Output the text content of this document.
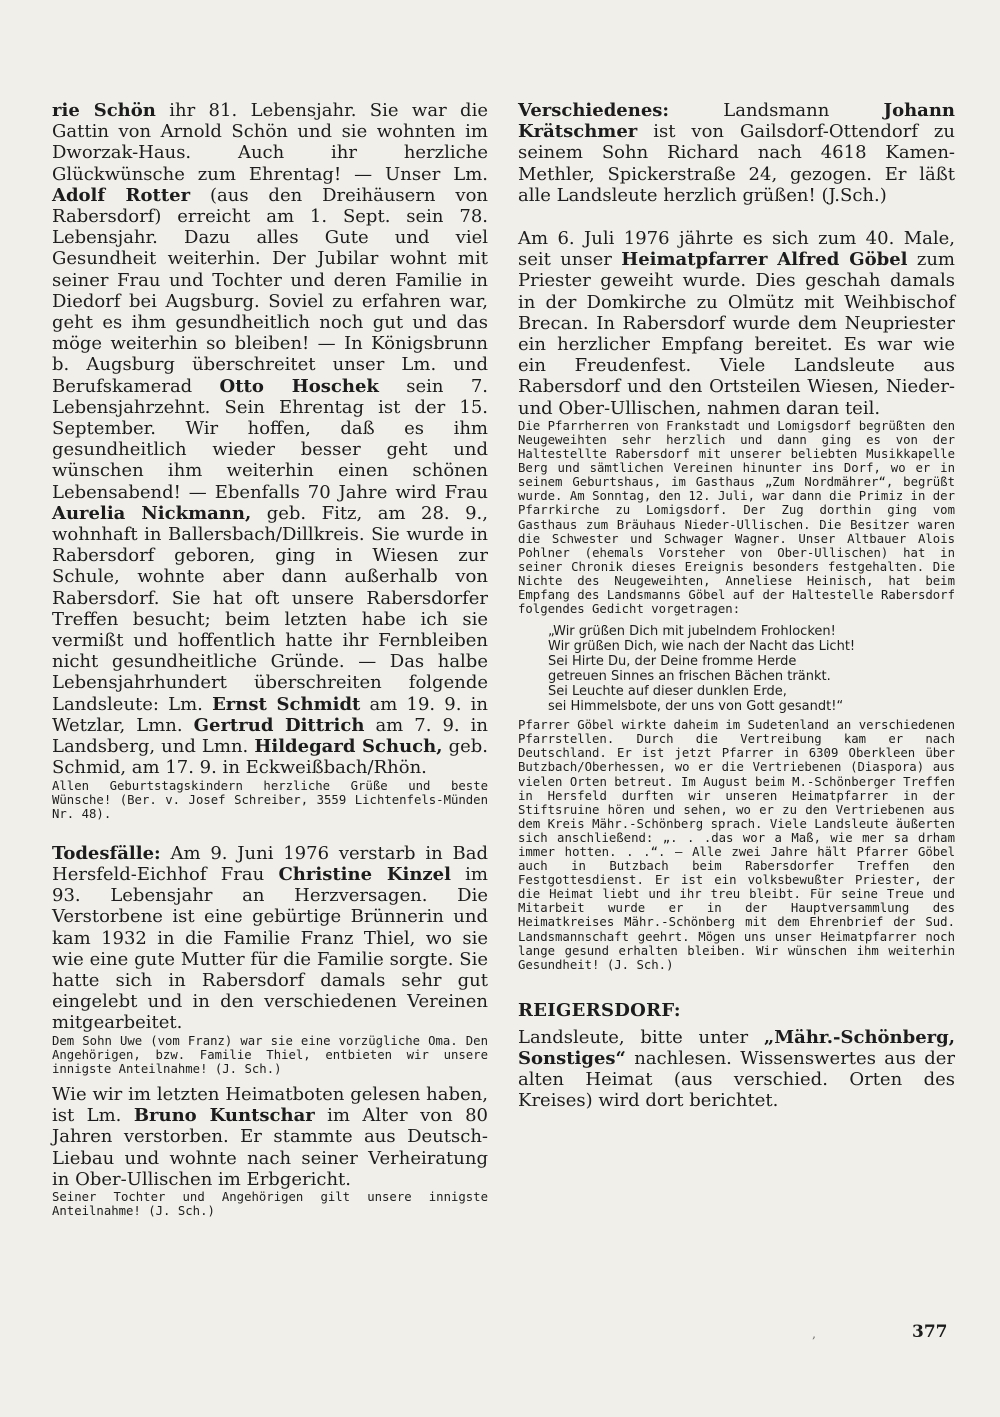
rie Schön ihr 81. Lebensjahr. Sie war die Gattin von Arnold Schön und sie wohnten im Dworzak-Haus. Auch ihr herzliche Glückwünsche zum Ehrentag! — Unser Lm. Adolf Rotter (aus den Dreihäusern von Rabersdorf) erreicht am 1. Sept. sein 78. Lebensjahr. Dazu alles Gute und viel Gesundheit weiterhin. Der Jubilar wohnt mit seiner Frau und Tochter und deren Familie in Diedorf bei Augsburg. Soviel zu erfahren war, geht es ihm gesundheitlich noch gut und das möge weiterhin so bleiben! — In Königsbrunn b. Augsburg überschreitet unser Lm. und Berufskamerad Otto Hoschek sein 7. Lebensjahrzehnt. Sein Ehrentag ist der 15. September. Wir hoffen, daß es ihm gesundheitlich wieder besser geht und wünschen ihm weiterhin einen schönen Lebensabend! — Ebenfalls 70 Jahre wird Frau Aurelia Nickmann, geb. Fitz, am 28. 9., wohnhaft in Ballersbach/Dillkreis. Sie wurde in Rabersdorf geboren, ging in Wiesen zur Schule, wohnte aber dann außerhalb von Rabersdorf. Sie hat oft unsere Rabersdorfer Treffen besucht; beim letzten habe ich sie vermißt und hoffentlich hatte ihr Fernbleiben nicht gesundheitliche Gründe. — Das halbe Lebensjahrhundert überschreiten folgende Landsleute: Lm. Ernst Schmidt am 19. 9. in Wetzlar, Lmn. Gertrud Dittrich am 7. 9. in Landsberg, und Lmn. Hildegard Schuch, geb. Schmid, am 17. 9. in Eckweißbach/Rhön.

Allen Geburtstagskindern herzliche Grüße und beste Wünsche! (Ber. v. Josef Schreiber, 3559 Lichtenfels-Münden Nr. 48).

Todesfälle: Am 9. Juni 1976 verstarb in Bad Hersfeld-Eichhof Frau Christine Kinzel im 93. Lebensjahr an Herzversagen. Die Verstorbene ist eine gebürtige Brünnerin und kam 1932 in die Familie Franz Thiel, wo sie wie eine gute Mutter für die Familie sorgte. Sie hatte sich in Rabersdorf damals sehr gut eingelebt und in den verschiedenen Vereinen mitgearbeitet.

Dem Sohn Uwe (vom Franz) war sie eine vorzügliche Oma. Den Angehörigen, bzw. Familie Thiel, entbieten wir unsere innigste Anteilnahme! (J. Sch.)

Wie wir im letzten Heimatboten gelesen haben, ist Lm. Bruno Kuntschar im Alter von 80 Jahren verstorben. Er stammte aus Deutsch-Liebau und wohnte nach seiner Verheiratung in Ober-Ullischen im Erbgericht.

Seiner Tochter und Angehörigen gilt unsere innigste Anteilnahme! (J. Sch.)

Verschiedenes: Landsmann Johann Krätschmer ist von Gailsdorf-Ottendorf zu seinem Sohn Richard nach 4618 Kamen-Methler, Spickerstraße 24, gezogen. Er läßt alle Landsleute herzlich grüßen! (J.Sch.)

Am 6. Juli 1976 jährte es sich zum 40. Male, seit unser Heimatpfarrer Alfred Göbel zum Priester geweiht wurde. Dies geschah damals in der Domkirche zu Olmütz mit Weihbischof Brecan. In Rabersdorf wurde dem Neupriester ein herzlicher Empfang bereitet. Es war wie ein Freudenfest. Viele Landsleute aus Rabersdorf und den Ortsteilen Wiesen, Nieder- und Ober-Ullischen, nahmen daran teil.

Die Pfarrherren von Frankstadt und Lomigsdorf begrüßten den Neugeweihten sehr herzlich und dann ging es von der Haltestellte Rabersdorf mit unserer beliebten Musikkapelle Berg und sämtlichen Vereinen hinunter ins Dorf, wo er in seinem Geburtshaus, im Gasthaus „Zum Nordmährer“, begrüßt wurde. Am Sonntag, den 12. Juli, war dann die Primiz in der Pfarrkirche zu Lomigsdorf. Der Zug dorthin ging vom Gasthaus zum Bräuhaus Nieder-Ullischen. Die Besitzer waren die Schwester und Schwager Wagner. Unser Altbauer Alois Pohlner (ehemals Vorsteher von Ober-Ullischen) hat in seiner Chronik dieses Ereignis besonders festgehalten. Die Nichte des Neugeweihten, Anneliese Heinisch, hat beim Empfang des Landsmanns Göbel auf der Haltestelle Rabersdorf folgendes Gedicht vorgetragen:

„Wir grüßen Dich mit jubelndem Frohlocken!
Wir grüßen Dich, wie nach der Nacht das Licht!
Sei Hirte Du, der Deine fromme Herde
getreuen Sinnes an frischen Bächen tränkt.
Sei Leuchte auf dieser dunklen Erde,
sei Himmelsbote, der uns von Gott gesandt!“

Pfarrer Göbel wirkte daheim im Sudetenland an verschiedenen Pfarrstellen. Durch die Vertreibung kam er nach Deutschland. Er ist jetzt Pfarrer in 6309 Oberkleen über Butzbach/Oberhessen, wo er die Vertriebenen (Diaspora) aus vielen Orten betreut. Im August beim M.-Schönberger Treffen in Hersfeld durften wir unseren Heimatpfarrer in der Stiftsruine hören und sehen, wo er zu den Vertriebenen aus dem Kreis Mähr.-Schönberg sprach. Viele Landsleute äußerten sich anschließend: „. . .das wor a Maß, wie mer sa drham immer hotten. . .“. — Alle zwei Jahre hält Pfarrer Göbel auch in Butzbach beim Rabersdorfer Treffen den Festgottesdienst. Er ist ein volksbewußter Priester, der die Heimat liebt und ihr treu bleibt. Für seine Treue und Mitarbeit wurde er in der Hauptversammlung des Heimatkreises Mähr.-Schönberg mit dem Ehrenbrief der Sud. Landsmannschaft geehrt. Mögen uns unser Heimatpfarrer noch lange gesund erhalten bleiben. Wir wünschen ihm weiterhin Gesundheit! (J. Sch.)

REIGERSDORF:

Landsleute, bitte unter „Mähr.-Schönberg, Sonstiges“ nachlesen. Wissenswertes aus der alten Heimat (aus verschied. Orten des Kreises) wird dort berichtet.

‚	377
